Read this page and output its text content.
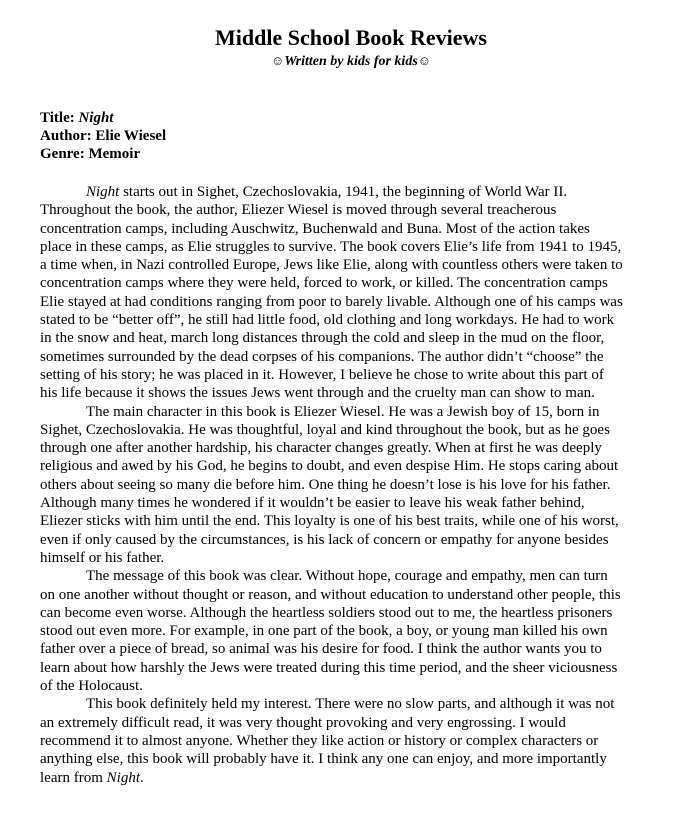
Middle School Book Reviews
☺Written by kids for kids☺
Title: Night
Author: Elie Wiesel
Genre: Memoir

Night starts out in Sighet, Czechoslovakia, 1941, the beginning of World War II.
Throughout the book, the author, Eliezer Wiesel is moved through several treacherous
concentration camps, including Auschwitz, Buchenwald and Buna. Most of the action takes
place in these camps, as Elie struggles to survive. The book covers Elie’s life from 1941 to 1945,
a time when, in Nazi controlled Europe, Jews like Elie, along with countless others were taken to
concentration camps where they were held, forced to work, or killed. The concentration camps
Elie stayed at had conditions ranging from poor to barely livable. Although one of his camps was
stated to be “better off”, he still had little food, old clothing and long workdays. He had to work
in the snow and heat, march long distances through the cold and sleep in the mud on the floor,
sometimes surrounded by the dead corpses of his companions. The author didn’t “choose” the
setting of his story; he was placed in it. However, I believe he chose to write about this part of
his life because it shows the issues Jews went through and the cruelty man can show to man.

The main character in this book is Eliezer Wiesel. He was a Jewish boy of 15, born in
Sighet, Czechoslovakia. He was thoughtful, loyal and kind throughout the book, but as he goes
through one after another hardship, his character changes greatly. When at first he was deeply
religious and awed by his God, he begins to doubt, and even despise Him. He stops caring about
others about seeing so many die before him. One thing he doesn’t lose is his love for his father.
Although many times he wondered if it wouldn’t be easier to leave his weak father behind,
Eliezer sticks with him until the end. This loyalty is one of his best traits, while one of his worst,
even if only caused by the circumstances, is his lack of concern or empathy for anyone besides
himself or his father.

The message of this book was clear. Without hope, courage and empathy, men can turn
on one another without thought or reason, and without education to understand other people, this
can become even worse. Although the heartless soldiers stood out to me, the heartless prisoners
stood out even more. For example, in one part of the book, a boy, or young man killed his own
father over a piece of bread, so animal was his desire for food. I think the author wants you to
learn about how harshly the Jews were treated during this time period, and the sheer viciousness
of the Holocaust.

This book definitely held my interest. There were no slow parts, and although it was not
an extremely difficult read, it was very thought provoking and very engrossing. I would
recommend it to almost anyone. Whether they like action or history or complex characters or
anything else, this book will probably have it. I think any one can enjoy, and more importantly
learn from Night.
